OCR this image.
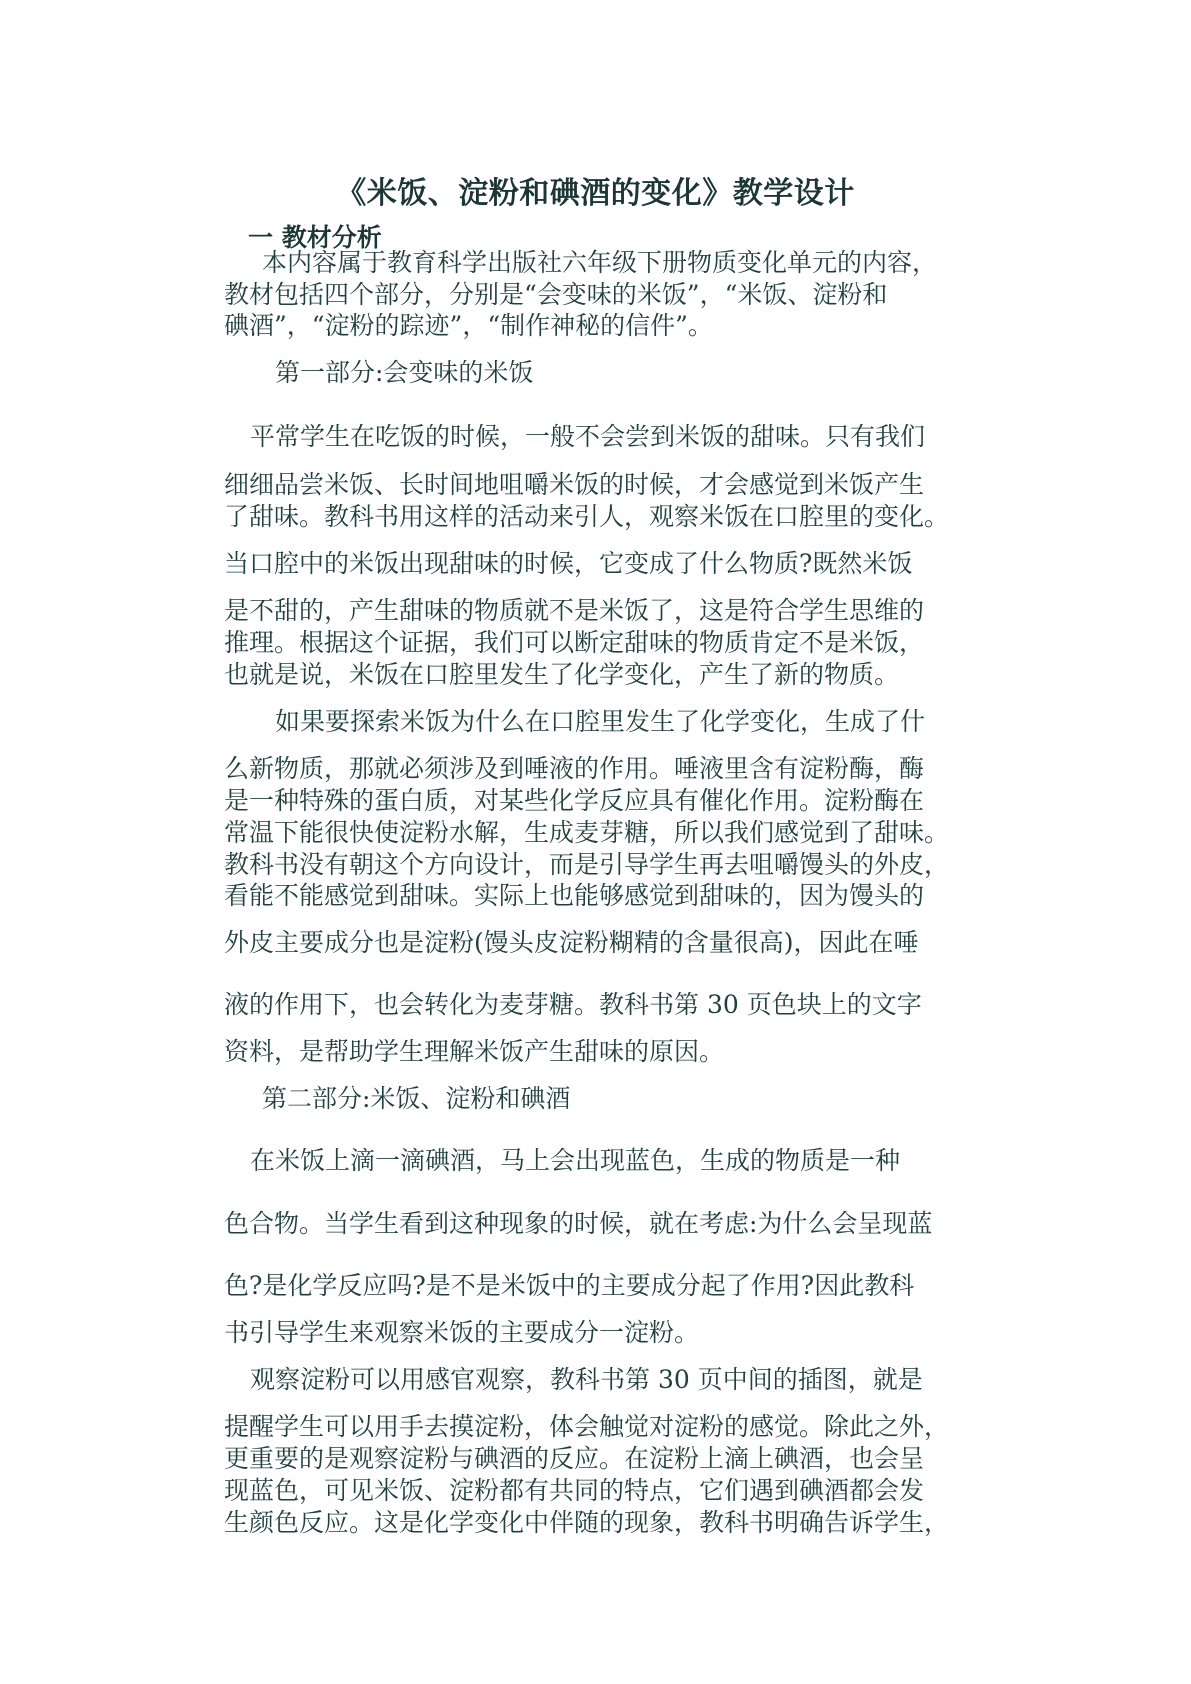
《米饭、淀粉和碘酒的变化》教学设计
一 教材分析
本内容属于教育科学出版社六年级下册物质变化单元的内容，
教材包括四个部分，分别是“会变味的米饭”，“米饭、淀粉和
碘酒”，“淀粉的踪迹”，“制作神秘的信件”。
第一部分:会变味的米饭
平常学生在吃饭的时候，一般不会尝到米饭的甜味。只有我们
细细品尝米饭、长时间地咀嚼米饭的时候，才会感觉到米饭产生
了甜味。教科书用这样的活动来引人，观察米饭在口腔里的变化。
当口腔中的米饭出现甜味的时候，它变成了什么物质?既然米饭
是不甜的，产生甜味的物质就不是米饭了，这是符合学生思维的
推理。根据这个证据，我们可以断定甜味的物质肯定不是米饭，
也就是说，米饭在口腔里发生了化学变化，产生了新的物质。
如果要探索米饭为什么在口腔里发生了化学变化，生成了什
么新物质，那就必须涉及到唾液的作用。唾液里含有淀粉酶，酶
是一种特殊的蛋白质，对某些化学反应具有催化作用。淀粉酶在
常温下能很快使淀粉水解，生成麦芽糖，所以我们感觉到了甜味。
教科书没有朝这个方向设计，而是引导学生再去咀嚼馒头的外皮，
看能不能感觉到甜味。实际上也能够感觉到甜味的，因为馒头的
外皮主要成分也是淀粉(馒头皮淀粉糊精的含量很高)，因此在唾
液的作用下，也会转化为麦芽糖。教科书第 30 页色块上的文字
资料，是帮助学生理解米饭产生甜味的原因。
第二部分:米饭、淀粉和碘酒
在米饭上滴一滴碘酒，马上会出现蓝色，生成的物质是一种
色合物。当学生看到这种现象的时候，就在考虑:为什么会呈现蓝
色?是化学反应吗?是不是米饭中的主要成分起了作用?因此教科
书引导学生来观察米饭的主要成分一淀粉。
观察淀粉可以用感官观察，教科书第 30 页中间的插图，就是
提醒学生可以用手去摸淀粉，体会触觉对淀粉的感觉。除此之外，
更重要的是观察淀粉与碘酒的反应。在淀粉上滴上碘酒，也会呈
现蓝色，可见米饭、淀粉都有共同的特点，它们遇到碘酒都会发
生颜色反应。这是化学变化中伴随的现象，教科书明确告诉学生，
